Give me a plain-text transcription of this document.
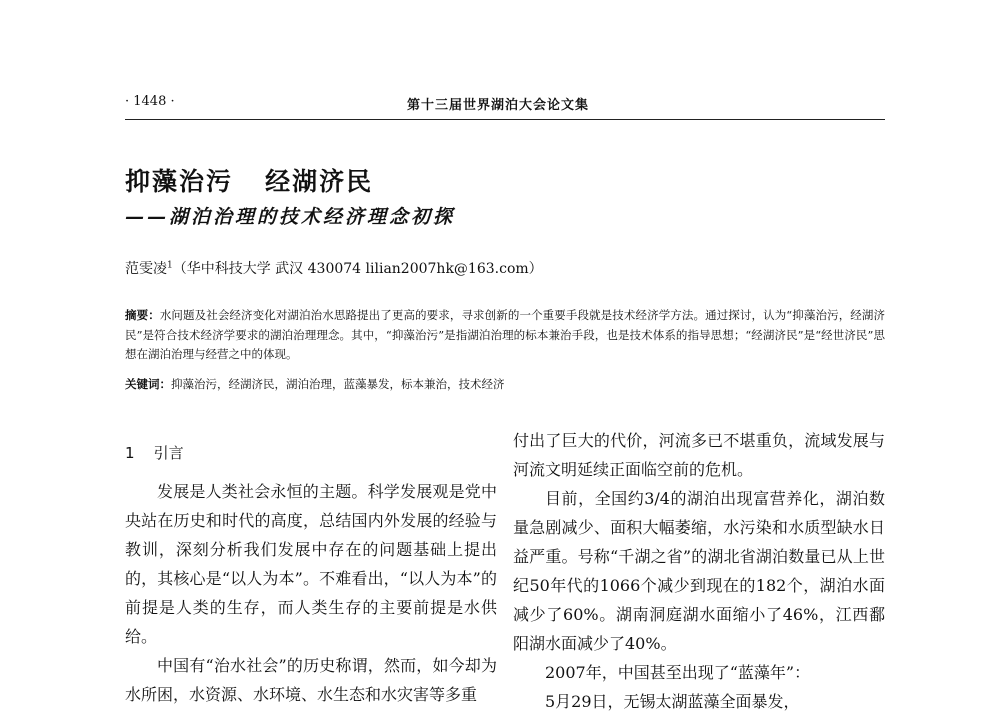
· 1448 ·	第十三届世界湖泊大会论文集
抑藻治污   经湖济民
——湖泊治理的技术经济理念初探
范雯凌$^1$（华中科技大学 武汉 430074 lilian2007hk@163.com）
摘要：水问题及社会经济变化对湖泊治水思路提出了更高的要求，寻求创新的一个重要手段就是技术经济学方法。通过探讨，认为“抑藻治污，经湖济民”是符合技术经济学要求的湖泊治理理念。其中，“抑藻治污”是指湖泊治理的标本兼治手段，也是技术体系的指导思想；“经湖济民”是“经世济民”思想在湖泊治理与经营之中的体现。
关键词：抑藻治污，经湖济民，湖泊治理，蓝藻暴发，标本兼治，技术经济
1 引言

发展是人类社会永恒的主题。科学发展观是党中央站在历史和时代的高度，总结国内外发展的经验与教训，深刻分析我们发展中存在的问题基础上提出的，其核心是“以人为本”。不难看出，“以人为本”的前提是人类的生存，而人类生存的主要前提是水供给。

中国有“治水社会”的历史称谓，然而，如今却为水所困，水资源、水环境、水生态和水灾害等多重

付出了巨大的代价，河流多已不堪重负，流域发展与河流文明延续正面临空前的危机。

目前，全国约3/4的湖泊出现富营养化，湖泊数量急剧减少、面积大幅萎缩，水污染和水质型缺水日益严重。号称“千湖之省”的湖北省湖泊数量已从上世纪50年代的1066个减少到现在的182个，湖泊水面减少了60%。湖南洞庭湖水面缩小了46%，江西鄱阳湖水面减少了40%。

2007年，中国甚至出现了“蓝藻年”：

5月29日，无锡太湖蓝藻全面暴发，
